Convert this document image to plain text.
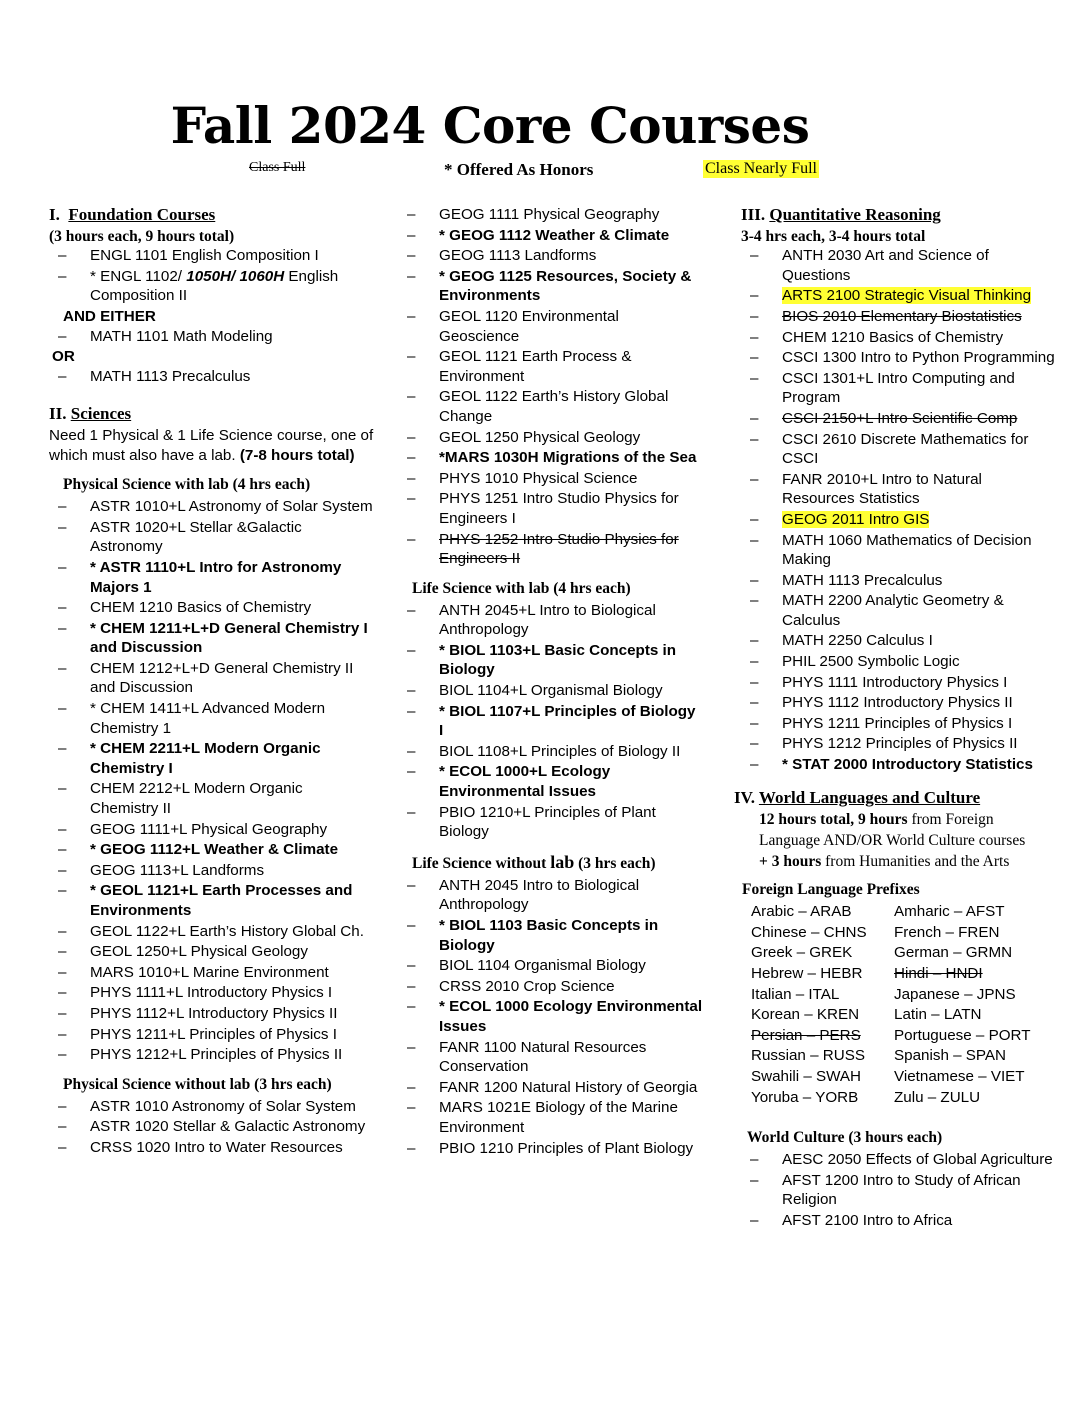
Fall 2024 Core Courses
Class Full	* Offered As Honors	Class Nearly Full
I. Foundation Courses
(3 hours each, 9 hours total)
– ENGL 1101 English Composition I
– * ENGL 1102/ 1050H/ 1060H English Composition II
AND EITHER
– MATH 1101 Math Modeling
OR
– MATH 1113 Precalculus
II. Sciences
Need 1 Physical & 1 Life Science course, one of which must also have a lab. (7-8 hours total)
Physical Science with lab (4 hrs each)
– ASTR 1010+L Astronomy of Solar System
– ASTR 1020+L Stellar &Galactic Astronomy
– * ASTR 1110+L Intro for Astronomy Majors 1
– CHEM 1210 Basics of Chemistry
– * CHEM 1211+L+D General Chemistry I and Discussion
– CHEM 1212+L+D General Chemistry II and Discussion
– * CHEM 1411+L Advanced Modern Chemistry 1
– * CHEM 2211+L Modern Organic Chemistry I
– CHEM 2212+L Modern Organic Chemistry II
– GEOG 1111+L Physical Geography
– * GEOG 1112+L Weather & Climate
– GEOG 1113+L Landforms
– * GEOL 1121+L Earth Processes and Environments
– GEOL 1122+L Earth’s History Global Ch.
– GEOL 1250+L Physical Geology
– MARS 1010+L Marine Environment
– PHYS 1111+L Introductory Physics I
– PHYS 1112+L Introductory Physics II
– PHYS 1211+L Principles of Physics I
– PHYS 1212+L Principles of Physics II
Physical Science without lab (3 hrs each)
– ASTR 1010 Astronomy of Solar System
– ASTR 1020 Stellar & Galactic Astronomy
– CRSS 1020 Intro to Water Resources
– GEOG 1111 Physical Geography
– * GEOG 1112 Weather & Climate
– GEOG 1113 Landforms
– * GEOG 1125 Resources, Society & Environments
– GEOL 1120 Environmental Geoscience
– GEOL 1121 Earth Process & Environment
– GEOL 1122 Earth’s History Global Change
– GEOL 1250 Physical Geology
– *MARS 1030H Migrations of the Sea
– PHYS 1010 Physical Science
– PHYS 1251 Intro Studio Physics for Engineers I
– PHYS 1252 Intro Studio Physics for Engineers II
Life Science with lab (4 hrs each)
– ANTH 2045+L Intro to Biological Anthropology
– * BIOL 1103+L Basic Concepts in Biology
– BIOL 1104+L Organismal Biology
– * BIOL 1107+L Principles of Biology I
– BIOL 1108+L Principles of Biology II
– * ECOL 1000+L Ecology Environmental Issues
– PBIO 1210+L Principles of Plant Biology
Life Science without lab (3 hrs each)
– ANTH 2045 Intro to Biological Anthropology
– * BIOL 1103 Basic Concepts in Biology
– BIOL 1104 Organismal Biology
– CRSS 2010 Crop Science
– * ECOL 1000 Ecology Environmental Issues
– FANR 1100 Natural Resources Conservation
– FANR 1200 Natural History of Georgia
– MARS 1021E Biology of the Marine Environment
– PBIO 1210 Principles of Plant Biology
III. Quantitative Reasoning
3-4 hrs each, 3-4 hours total
– ANTH 2030 Art and Science of Questions
– ARTS 2100 Strategic Visual Thinking
– BIOS 2010 Elementary Biostatistics
– CHEM 1210 Basics of Chemistry
– CSCI 1300 Intro to Python Programming
– CSCI 1301+L Intro Computing and Program
– CSCI 2150+L Intro Scientific Comp
– CSCI 2610 Discrete Mathematics for CSCI
– FANR 2010+L Intro to Natural Resources Statistics
– GEOG 2011 Intro GIS
– MATH 1060 Mathematics of Decision Making
– MATH 1113 Precalculus
– MATH 2200 Analytic Geometry & Calculus
– MATH 2250 Calculus I
– PHIL 2500 Symbolic Logic
– PHYS 1111 Introductory Physics I
– PHYS 1112 Introductory Physics II
– PHYS 1211 Principles of Physics I
– PHYS 1212 Principles of Physics II
– * STAT 2000 Introductory Statistics
IV. World Languages and Culture
12 hours total, 9 hours from Foreign
Language AND/OR World Culture courses
+ 3 hours from Humanities and the Arts
Foreign Language Prefixes
Arabic – ARAB	Amharic – AFST
Chinese – CHNS	French – FREN
Greek – GREK	German – GRMN
Hebrew – HEBR	Hindi – HNDI
Italian – ITAL	Japanese – JPNS
Korean – KREN	Latin – LATN
Persian – PERS	Portuguese – PORT
Russian – RUSS	Spanish – SPAN
Swahili – SWAH	Vietnamese – VIET
Yoruba – YORB	Zulu – ZULU
World Culture (3 hours each)
– AESC 2050 Effects of Global Agriculture
– AFST 1200 Intro to Study of African Religion
– AFST 2100 Intro to Africa
